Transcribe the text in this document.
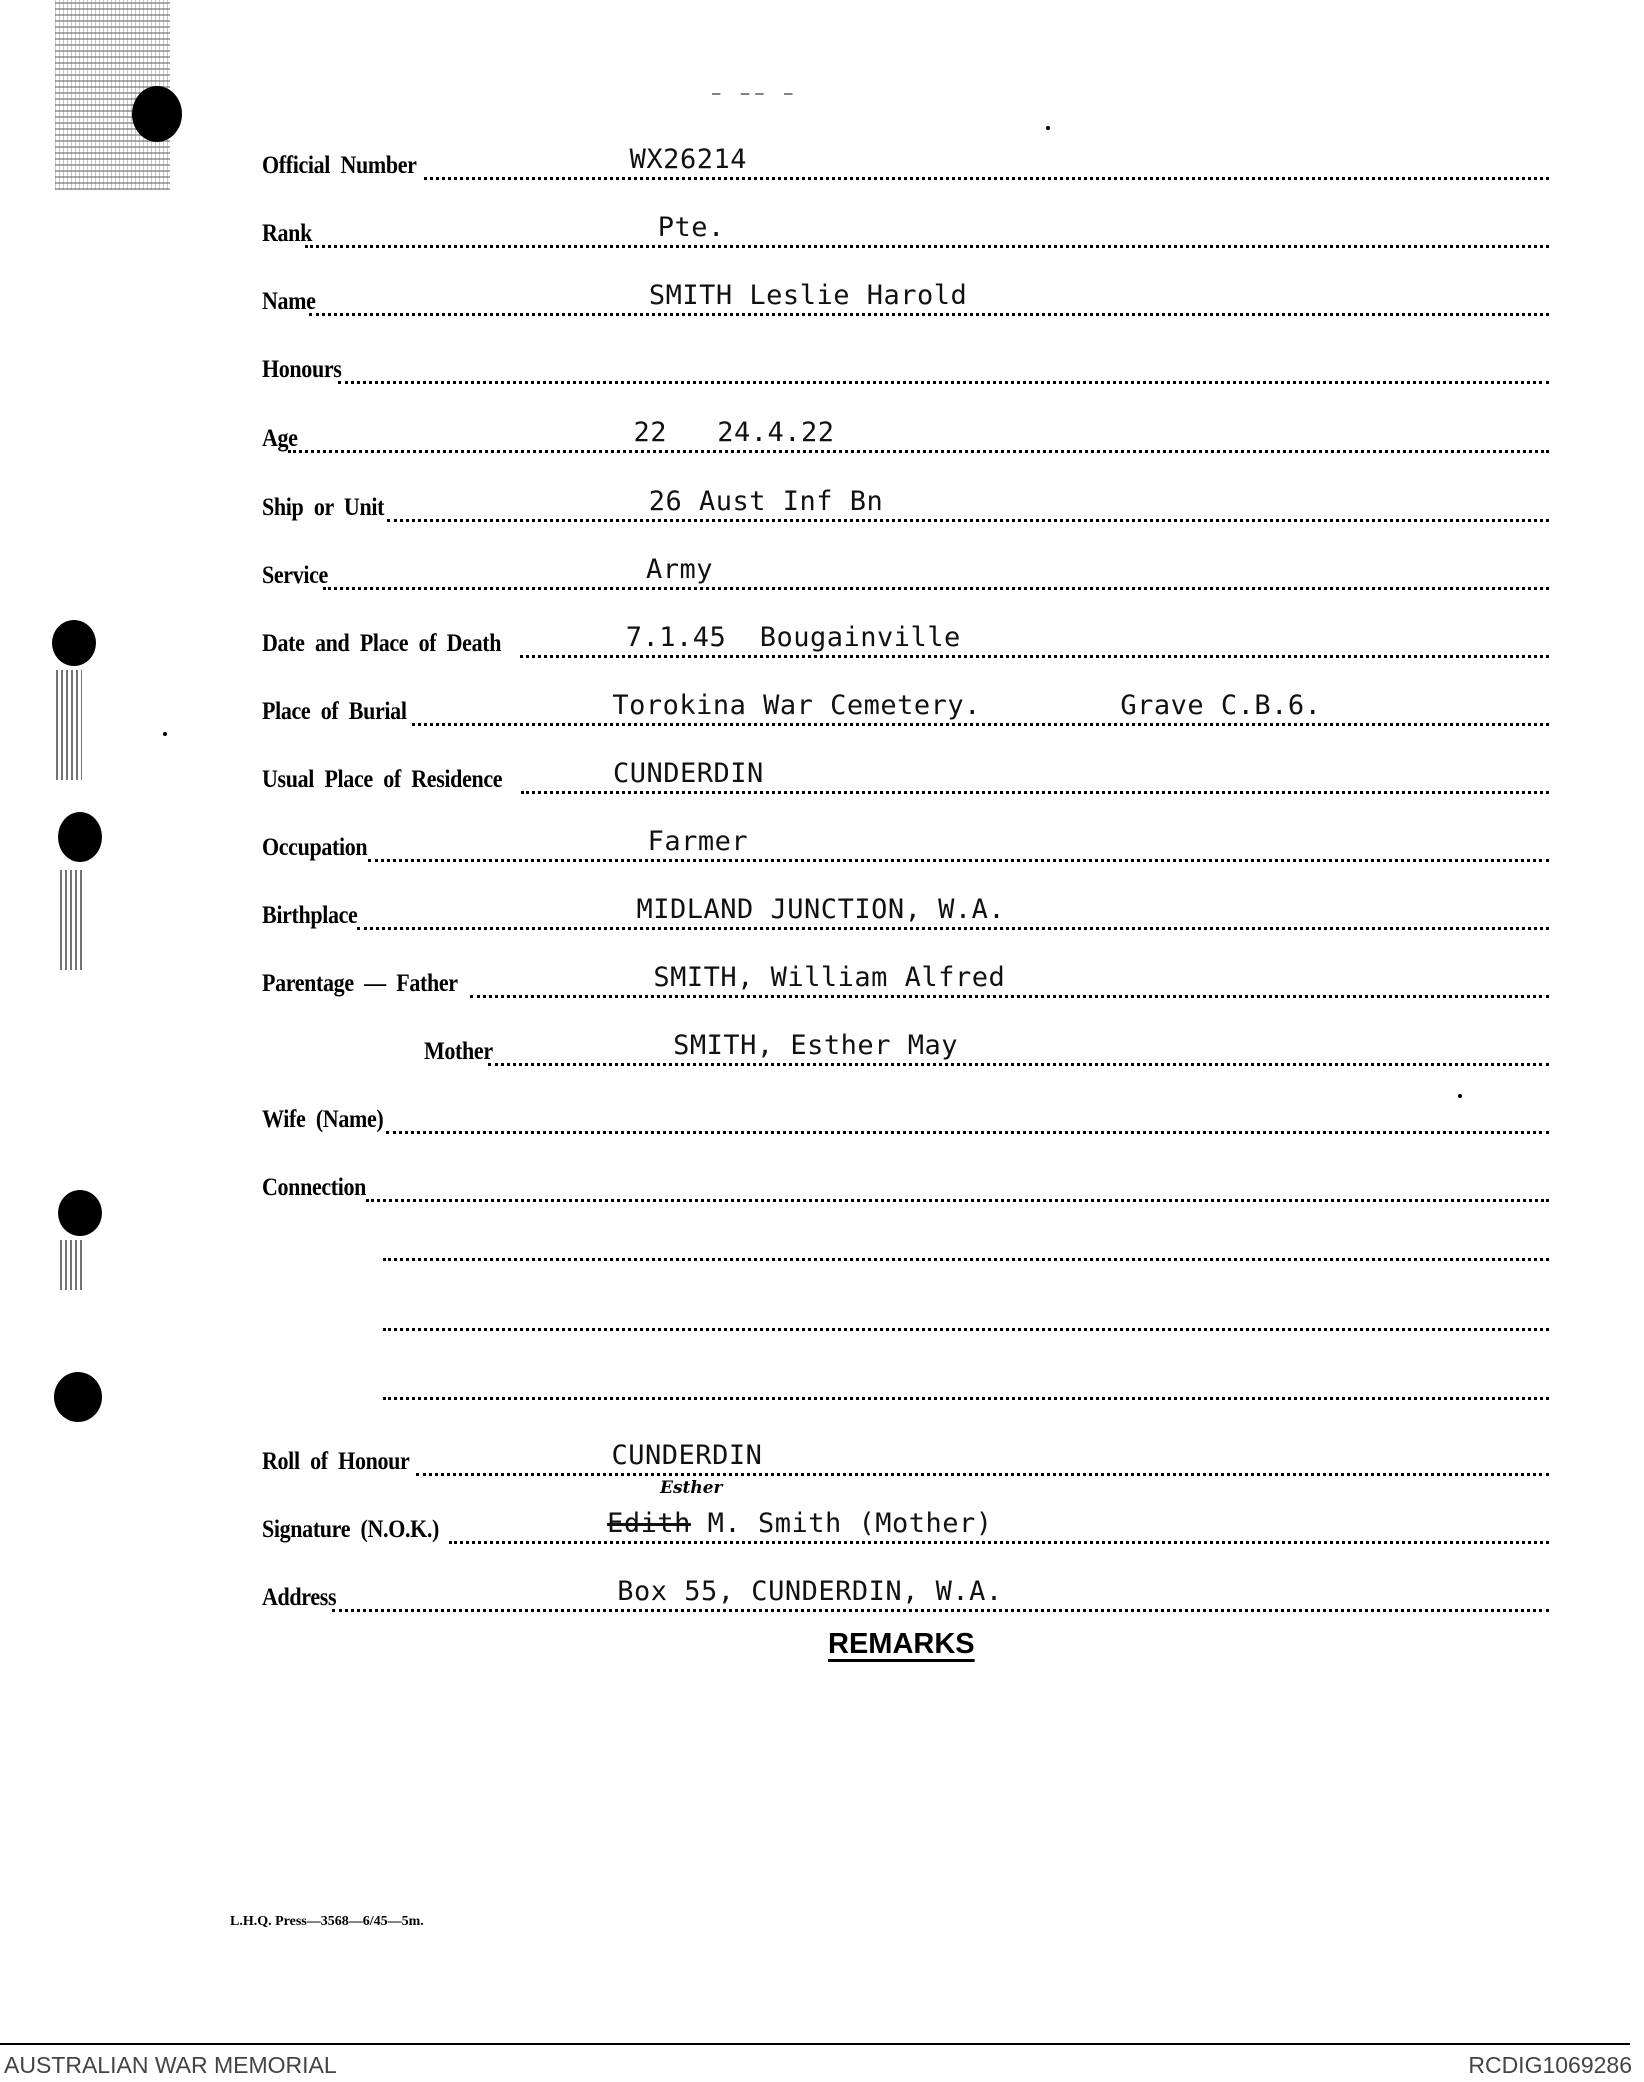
— —— —
Official Number	WX26214
Rank	Pte.
Name	SMITH Leslie Harold
Honours
Age	22   24.4.22
Ship or Unit	26 Aust Inf Bn
Service	Army
Date and Place of Death	7.1.45  Bougainville
Place of Burial	Torokina War Cemetery.	Grave C.B.6.
Usual Place of Residence	CUNDERDIN
Occupation	Farmer
Birthplace	MIDLAND JUNCTION, W.A.
Parentage — Father	SMITH, William Alfred
Mother	SMITH, Esther May
Wife (Name)
Connection
Roll of Honour	CUNDERDIN
Esther
Signature (N.O.K.)	Edith M. Smith (Mother)
Address	Box 55, CUNDERDIN, W.A.
REMARKS
L.H.Q. Press—3568—6/45—5m.
AUSTRALIAN WAR MEMORIAL	RCDIG1069286
